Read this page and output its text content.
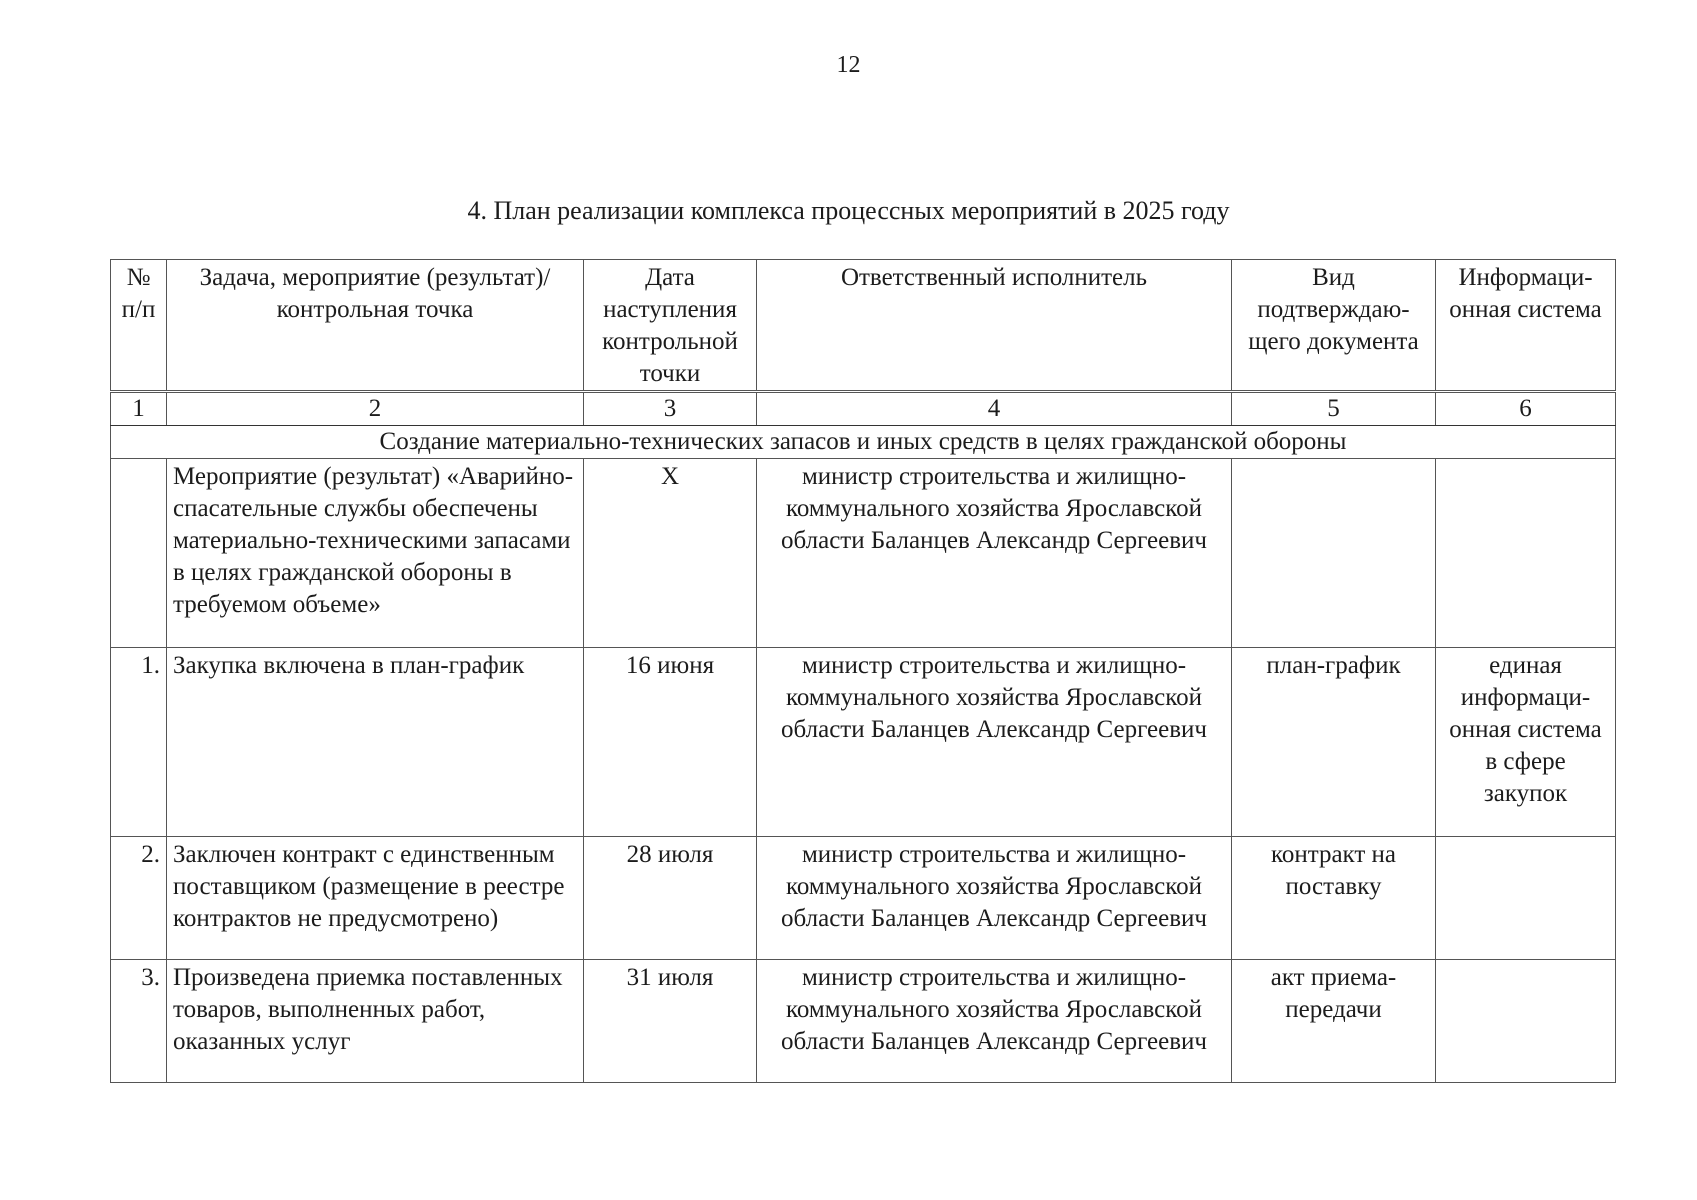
12
4. План реализации комплекса процессных мероприятий в 2025 году
№ п/п	Задача, мероприятие (результат)/ контрольная точка	Дата наступления контрольной точки	Ответственный исполнитель	Вид подтверждаю-щего документа	Информаци-онная система
1	2	3	4	5	6
Создание материально-технических запасов и иных средств в целях гражданской обороны					
	Мероприятие (результат) «Аварийно-спасательные службы обеспечены материально-техническими запасами в целях гражданской обороны в требуемом объеме»	Х	министр строительства и жилищно-коммунального хозяйства Ярославской области Баланцев Александр Сергеевич		
1.	Закупка включена в план-график	16 июня	министр строительства и жилищно-коммунального хозяйства Ярославской области Баланцев Александр Сергеевич	план-график	единая информаци-онная система в сфере закупок
2.	Заключен контракт с единственным поставщиком (размещение в реестре контрактов не предусмотрено)	28 июля	министр строительства и жилищно-коммунального хозяйства Ярославской области Баланцев Александр Сергеевич	контракт на поставку	
3.	Произведена приемка поставленных товаров, выполненных работ, оказанных услуг	31 июля	министр строительства и жилищно-коммунального хозяйства Ярославской области Баланцев Александр Сергеевич	акт приема-передачи	
